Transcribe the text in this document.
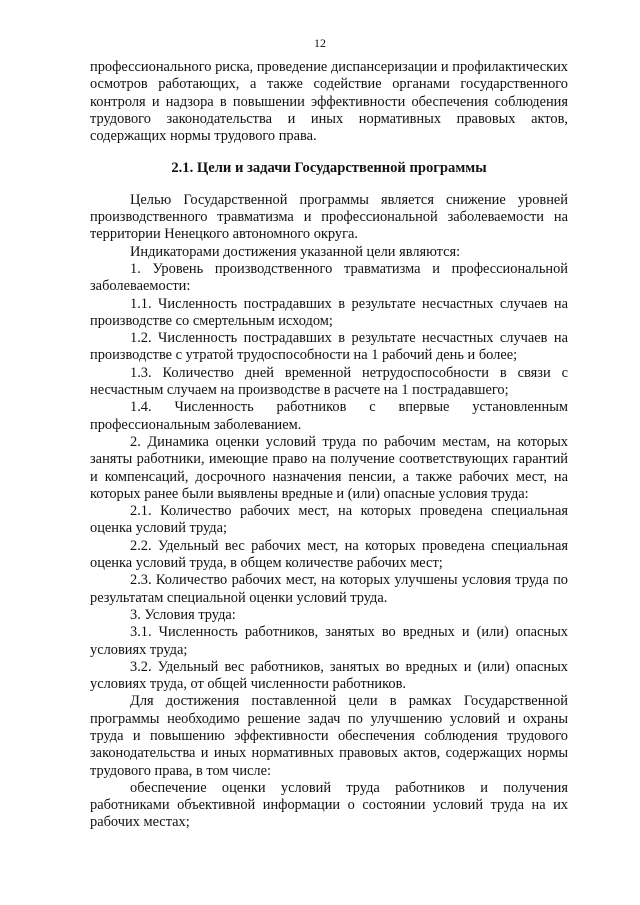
12

профессионального риска, проведение диспансеризации и профилактических осмотров работающих, а также содействие органами государственного контроля и надзора в повышении эффективности обеспечения соблюдения трудового законодательства и иных нормативных правовых актов, содержащих нормы трудового права.

2.1. Цели и задачи Государственной программы

Целью Государственной программы является снижение уровней производственного травматизма и профессиональной заболеваемости на территории Ненецкого автономного округа.

Индикаторами достижения указанной цели являются:

1. Уровень производственного травматизма и профессиональной заболеваемости:

1.1. Численность пострадавших в результате несчастных случаев на производстве со смертельным исходом;

1.2. Численность пострадавших в результате несчастных случаев на производстве с утратой трудоспособности на 1 рабочий день и более;

1.3. Количество дней временной нетрудоспособности в связи с несчастным случаем на производстве в расчете на 1 пострадавшего;

1.4. Численность работников с впервые установленным профессиональным заболеванием.

2. Динамика оценки условий труда по рабочим местам, на которых заняты работники, имеющие право на получение соответствующих гарантий и компенсаций, досрочного назначения пенсии, а также рабочих мест, на которых ранее были выявлены вредные и (или) опасные условия труда:

2.1. Количество рабочих мест, на которых проведена специальная оценка условий труда;

2.2. Удельный вес рабочих мест, на которых проведена специальная оценка условий труда, в общем количестве рабочих мест;

2.3. Количество рабочих мест, на которых улучшены условия труда по результатам специальной оценки условий труда.

3. Условия труда:

3.1. Численность работников, занятых во вредных и (или) опасных условиях труда;

3.2. Удельный вес работников, занятых во вредных и (или) опасных условиях труда, от общей численности работников.

Для достижения поставленной цели в рамках Государственной программы необходимо решение задач по улучшению условий и охраны труда и повышению эффективности обеспечения соблюдения трудового законодательства и иных нормативных правовых актов, содержащих нормы трудового права, в том числе:

обеспечение оценки условий труда работников и получения работниками объективной информации о состоянии условий труда на их рабочих местах;
